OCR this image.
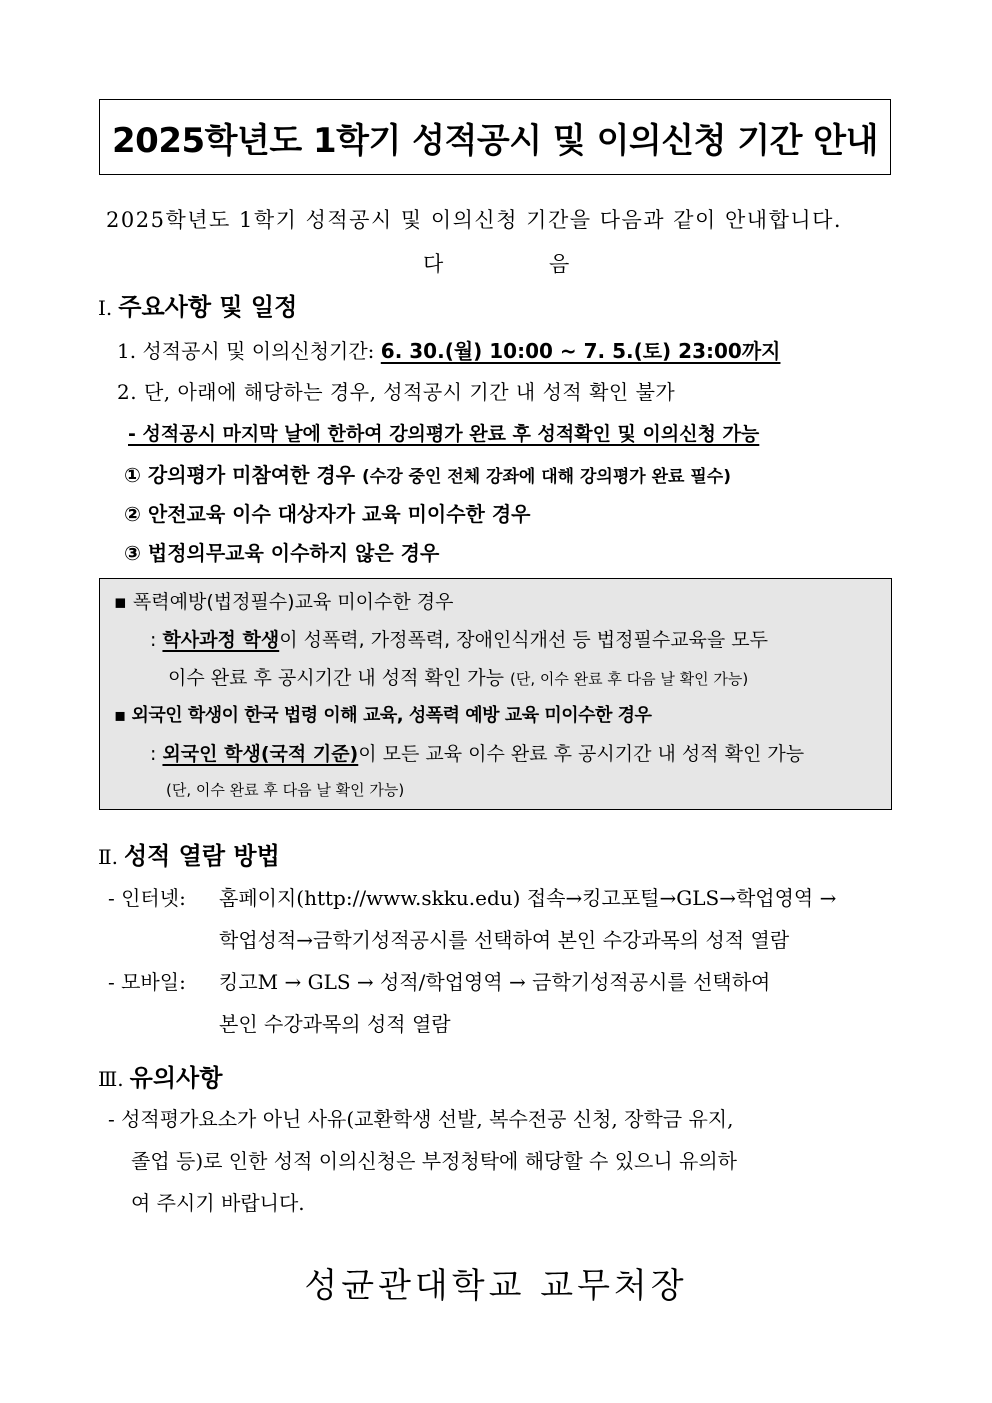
2025학년도 1학기 성적공시 및 이의신청 기간 안내
2025학년도 1학기 성적공시 및 이의신청 기간을 다음과 같이 안내합니다.
다	음
Ⅰ. 주요사항 및 일정
1. 성적공시 및 이의신청기간: 6. 30.(월) 10:00 ~ 7. 5.(토) 23:00까지
2. 단, 아래에 해당하는 경우, 성적공시 기간 내 성적 확인 불가
- 성적공시 마지막 날에 한하여 강의평가 완료 후 성적확인 및 이의신청 가능
① 강의평가 미참여한 경우 (수강 중인 전체 강좌에 대해 강의평가 완료 필수)
② 안전교육 이수 대상자가 교육 미이수한 경우
③ 법정의무교육 이수하지 않은 경우
▪ 폭력예방(법정필수)교육 미이수한 경우
: 학사과정 학생이 성폭력, 가정폭력, 장애인식개선 등 법정필수교육을 모두
이수 완료 후 공시기간 내 성적 확인 가능 (단, 이수 완료 후 다음 날 확인 가능)
▪ 외국인 학생이 한국 법령 이해 교육, 성폭력 예방 교육 미이수한 경우
: 외국인 학생(국적 기준)이 모든 교육 이수 완료 후 공시기간 내 성적 확인 가능
(단, 이수 완료 후 다음 날 확인 가능)
Ⅱ. 성적 열람 방법
- 인터넷: 홈페이지(http://www.skku.edu) 접속→킹고포털→GLS→학업영역 →
학업성적→금학기성적공시를 선택하여 본인 수강과목의 성적 열람
- 모바일: 킹고M → GLS → 성적/학업영역 → 금학기성적공시를 선택하여
본인 수강과목의 성적 열람
Ⅲ. 유의사항
- 성적평가요소가 아닌 사유(교환학생 선발, 복수전공 신청, 장학금 유지,
졸업 등)로 인한 성적 이의신청은 부정청탁에 해당할 수 있으니 유의하
여 주시기 바랍니다.
성균관대학교 교무처장
